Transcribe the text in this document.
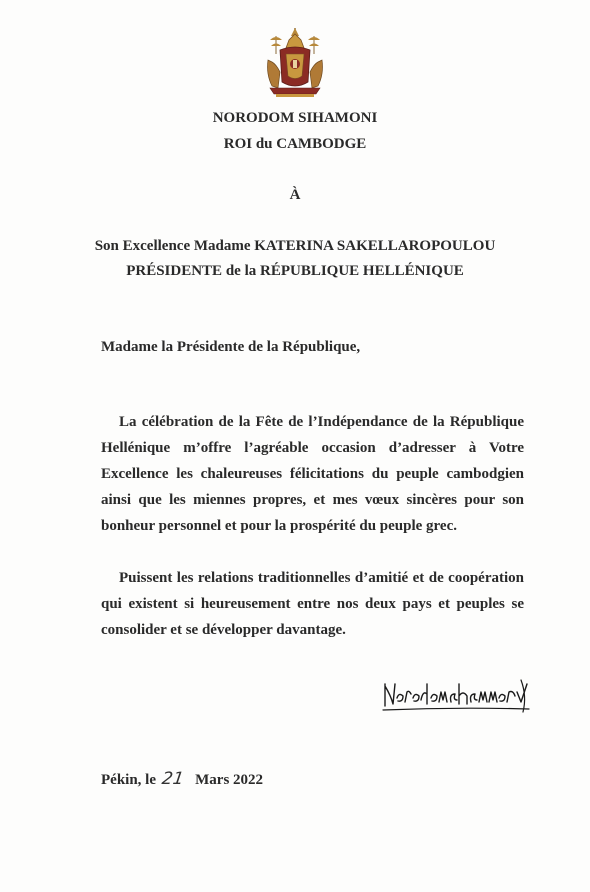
NORODOM SIHAMONI
ROI du CAMBODGE
À
Son Excellence Madame KATERINA SAKELLAROPOULOU
PRÉSIDENTE de la RÉPUBLIQUE HELLÉNIQUE
Madame la Présidente de la République,
La célébration de la Fête de l’Indépendance de la République Hellénique m’offre l’agréable occasion d’adresser à Votre Excellence les chaleureuses félicitations du peuple cambodgien ainsi que les miennes propres, et mes vœux sincères pour son bonheur personnel et pour la prospérité du peuple grec.
Puissent les relations traditionnelles d’amitié et de coopération qui existent si heureusement entre nos deux pays et peuples se consolider et se développer davantage.
Pékin, le 21 Mars 2022
